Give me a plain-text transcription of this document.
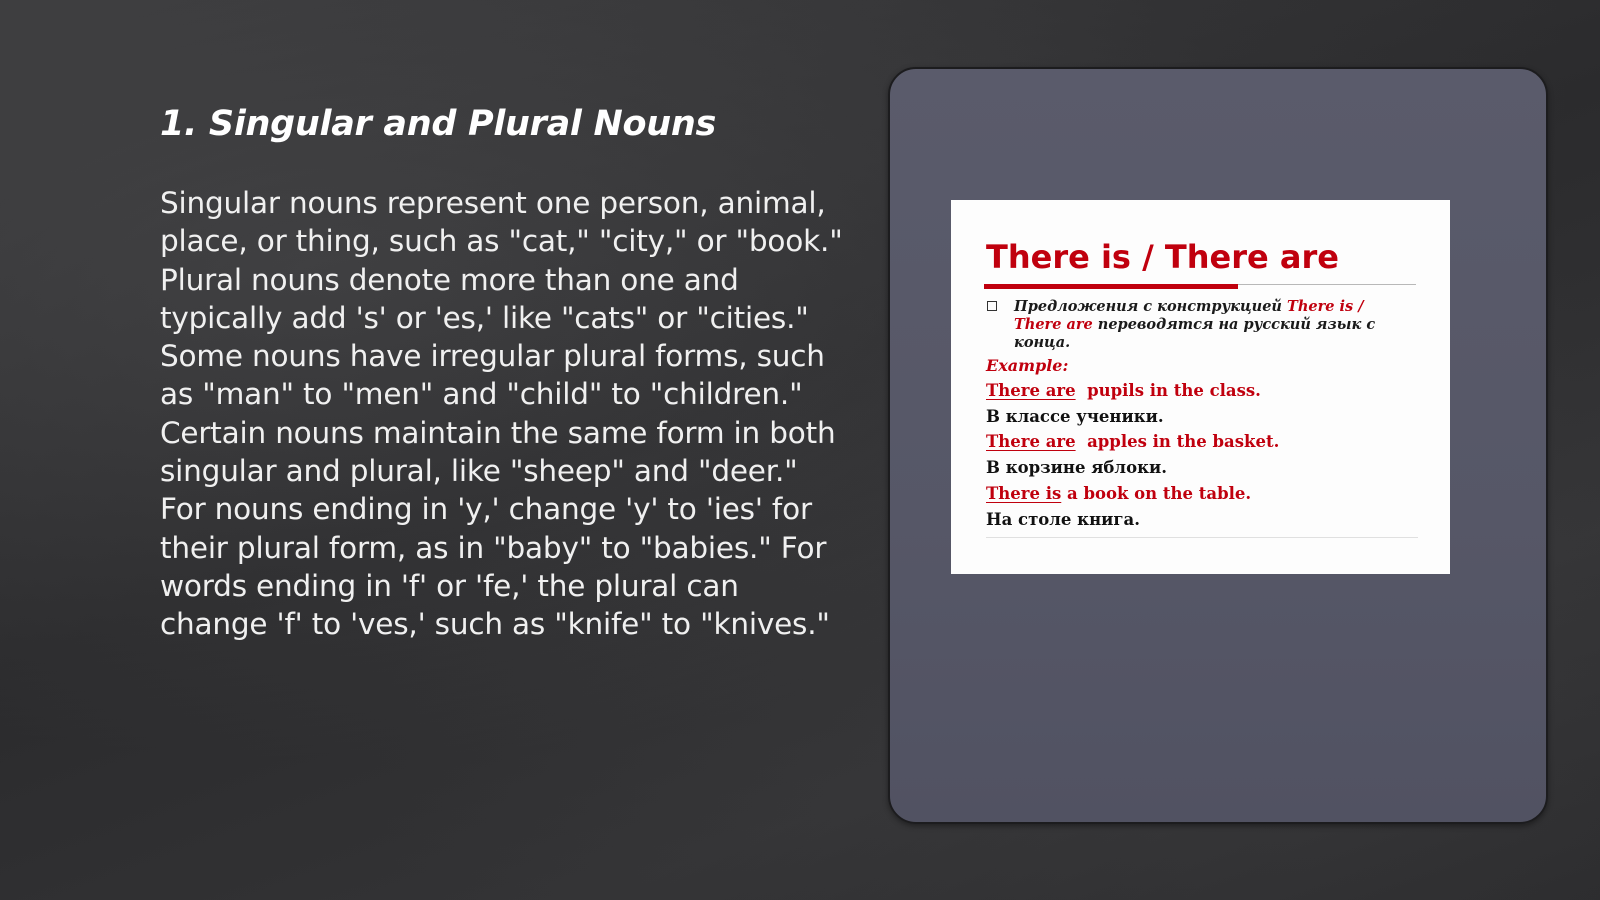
1. Singular and Plural Nouns

Singular nouns represent one person, animal, place, or thing, such as "cat," "city," or "book." Plural nouns denote more than one and typically add 's' or 'es,' like "cats" or "cities." Some nouns have irregular plural forms, such as "man" to "men" and "child" to "children." Certain nouns maintain the same form in both singular and plural, like "sheep" and "deer." For nouns ending in 'y,' change 'y' to 'ies' for their plural form, as in "baby" to "babies." For words ending in 'f' or 'fe,' the plural can change 'f' to 'ves,' such as "knife" to "knives."

There is / There are
Предложения с конструкцией There is / There are переводятся на русский язык с конца.
Example:
There are  pupils in the class.
В классе ученики.
There are  apples in the basket.
В корзине яблоки.
There is a book on the table.
На столе книга.
